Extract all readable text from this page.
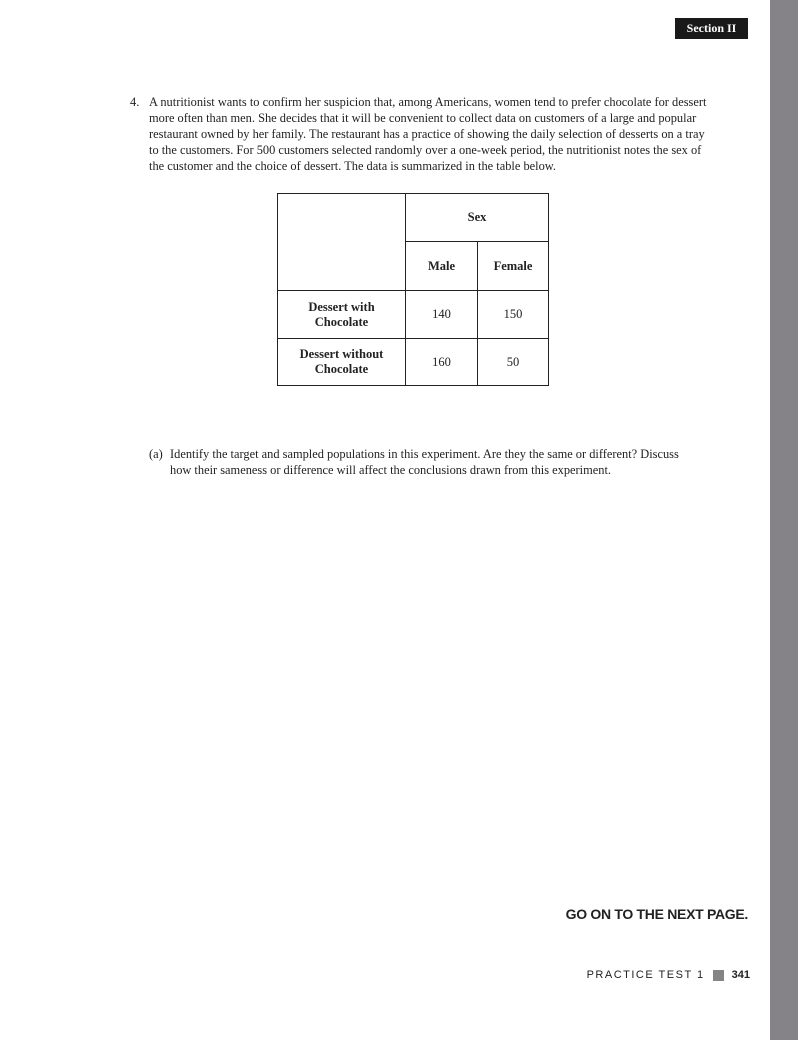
Section II
4. A nutritionist wants to confirm her suspicion that, among Americans, women tend to prefer chocolate for dessert more often than men. She decides that it will be convenient to collect data on customers of a large and popular restaurant owned by her family. The restaurant has a practice of showing the daily selection of desserts on a tray to the customers. For 500 customers selected randomly over a one-week period, the nutritionist notes the sex of the customer and the choice of dessert. The data is summarized in the table below.
	Sex	
	Male	Female
Dessert with Chocolate	140	150
Dessert without Chocolate	160	50
(a) Identify the target and sampled populations in this experiment. Are they the same or different? Discuss how their sameness or difference will affect the conclusions drawn from this experiment.
GO ON TO THE NEXT PAGE.
PRACTICE TEST 1 341
